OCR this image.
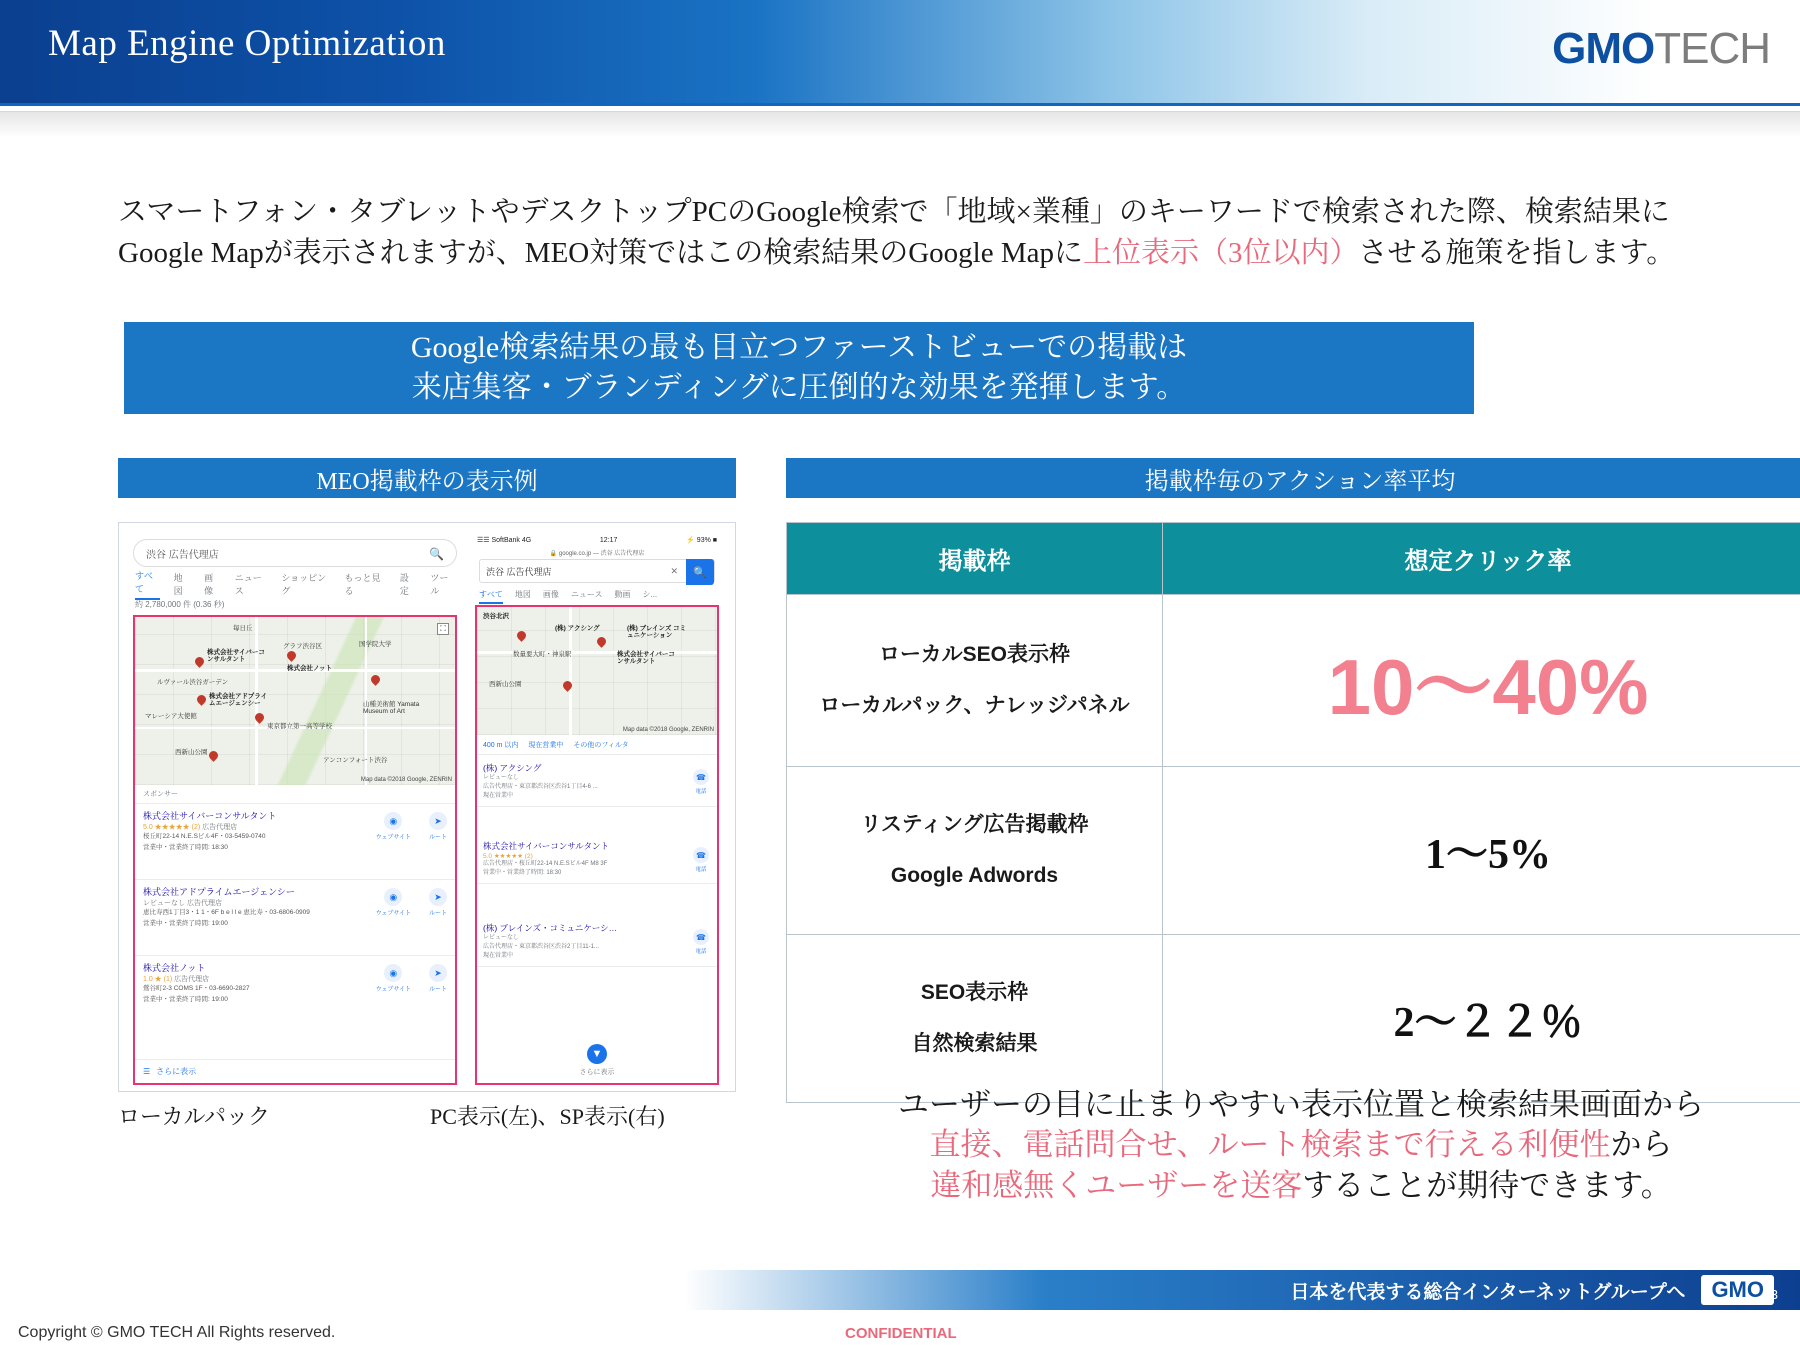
Map Engine Optimization	GMOTECH
スマートフォン・タブレットやデスクトップPCのGoogle検索で「地域×業種」のキーワードで検索された際、検索結果にGoogle Mapが表示されますが、MEO対策ではこの検索結果のGoogle Mapに上位表示（3位以内）させる施策を指します。
Google検索結果の最も目立つファーストビューでの掲載は
来店集客・ブランディングに圧倒的な効果を発揮します。
MEO掲載枠の表示例	掲載枠毎のアクション率平均
渋谷 広告代理店	🔍
すべて
地図
画像
ニュース
ショッピング
もっと見る
設定
ツール
約 2,780,000 件 (0.36 秒)
毎日丘
グラフ渋谷区	国学院大学
株式会社サイバーコンサルタント
株式会社ノット
ルヴァール渋谷ガーデン
株式会社アドプライムエージェンシー
マレーシア大使館
東京都立第一高等学校
山種美術館 Yamata Museum of Art
西新山公園
アンコンフォート渋谷
Map data ©2018 Google, ZENRIN
⛶
スポンサー
株式会社サイバーコンサルタント
5.0 ★★★★★ (2) 広告代理店
桜丘町22-14 N.E.Sビル4F・03-5459-0740
営業中・営業終了時間: 18:30
◉
ウェブサイト
➤
ルート
株式会社アドプライムエージェンシー
レビューなし 広告代理店
恵比寿西1丁目3・1 1・6F b e l l e 恵比寿・03-6806-0909
営業中・営業終了時間: 19:00
◉
ウェブサイト
➤
ルート
株式会社ノット
1.0 ★ (1) 広告代理店
鶯谷町2-3 COMS 1F・03-6690-2827
営業中・営業終了時間: 19:00
◉
ウェブサイト
➤
ルート
☰ さらに表示
☰☰ SoftBank 4G	12:17	⚡ 93% ■
🔒 google.co.jp — 渋谷 広告代理店
渋谷 広告代理店	✕	🔍
すべて 地図 画像 ニュース 動画 シ...
渋谷北沢
(株) アクシング	(株) ブレインズ コミュニケーション
数量要大町・神泉駅	株式会社サイバーコンサルタント
西新山公園
Map data ©2018 Google, ZENRIN
400 m 以内 現在営業中 その他のフィルタ
(株) アクシング
レビューなし
広告代理店・東京都渋谷区渋谷1丁目4-6 ...
現在営業中
☎
電話
株式会社サイバーコンサルタント
5.0 ★★★★★ (2)
広告代理店・桜丘町22-14 N.E.Sビル4F M8 3F
営業中・営業終了時間: 18:30
☎
電話
(株) ブレインズ・コミュニケーシ…
レビューなし
広告代理店・東京都渋谷区渋谷2丁目11-1...
現在営業中
☎
電話
▼
さらに表示
ローカルパック	PC表示(左)、SP表示(右)
掲載枠	想定クリック率

ローカルSEO表示枠
ローカルパック、ナレッジパネル	10〜40%

リスティング広告掲載枠
Google Adwords	1〜5%

SEO表示枠
自然検索結果	2〜２２％
ユーザーの目に止まりやすい表示位置と検索結果画面から
直接、電話問合せ、ルート検索まで行える利便性から
違和感無くユーザーを送客することが期待できます。
日本を代表する総合インターネットグループへ	GMO 3
Copyright © GMO TECH All Rights reserved.	CONFIDENTIAL
